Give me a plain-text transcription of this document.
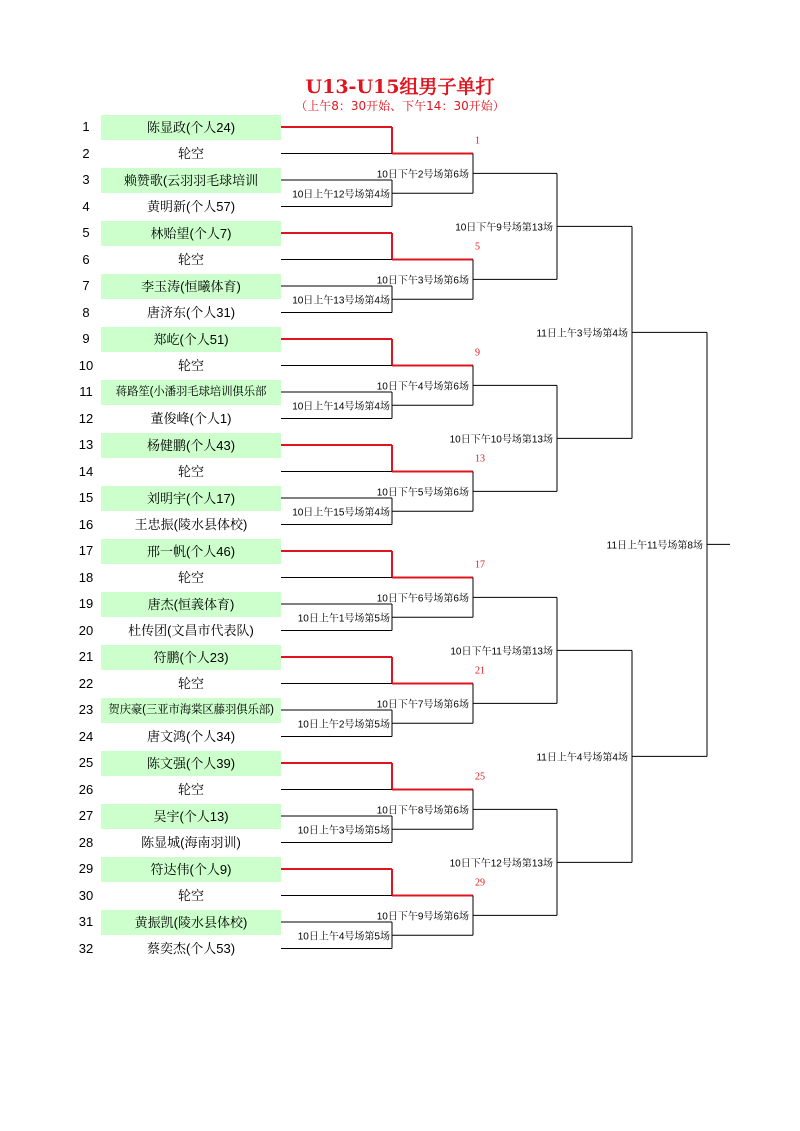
U13-U15组男子单打
（上午8：30开始、下午14：30开始）
1	陈显政(个人24)
2	轮空
3	赖赞歌(云羽羽毛球培训
4	黄明新(个人57)
5	林贻望(个人7)
6	轮空
7	李玉涛(恒曦体育)
8	唐济东(个人31)
9	郑屹(个人51)
10	轮空
11	蒋路笙(小潘羽毛球培训俱乐部
12	董俊峰(个人1)
13	杨健鹏(个人43)
14	轮空
15	刘明宇(个人17)
16	王忠振(陵水县体校)
17	邢一帆(个人46)
18	轮空
19	唐杰(恒義体育)
20	杜传团(文昌市代表队)
21	符鹏(个人23)
22	轮空
23	贺庆豪(三亚市海棠区藤羽俱乐部)
24	唐文鸿(个人34)
25	陈文强(个人39)
26	轮空
27	吴宇(个人13)
28	陈显城(海南羽训)
29	符达伟(个人9)
30	轮空
31	黄振凯(陵水县体校)
32	蔡奕杰(个人53)
1
10日上午12号场第4场
5
10日上午13号场第4场
9
10日上午14号场第4场
13
10日上午15号场第4场
17
10日上午1号场第5场
21
10日上午2号场第5场
25
10日上午3号场第5场
29
10日上午4号场第5场
10日下午2号场第6场
10日下午3号场第6场
10日下午4号场第6场
10日下午5号场第6场
10日下午6号场第6场
10日下午7号场第6场
10日下午8号场第6场
10日下午9号场第6场
10日下午9号场第13场
10日下午10号场第13场
10日下午11号场第13场
10日下午12号场第13场
11日上午3号场第4场
11日上午4号场第4场
11日上午11号场第8场
